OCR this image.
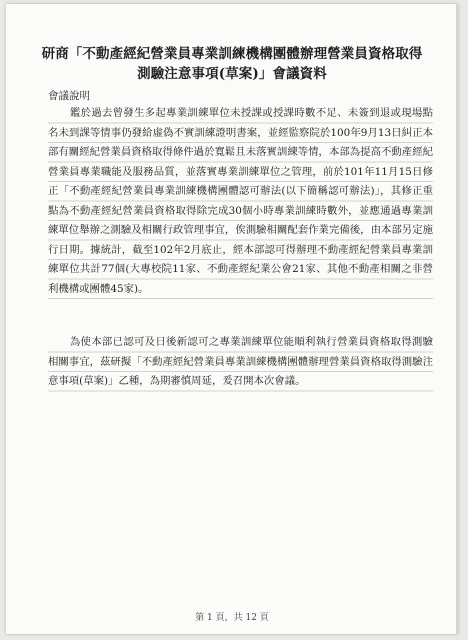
研商「不動產經紀營業員專業訓練機構團體辦理營業員資格取得
測驗注意事項(草案)」會議資料
會議說明

鑑於過去曾發生多起專業訓練單位未授課或授課時數不足、未簽到退或現場點名未到課等情事仍發給虛偽不實訓練證明書案，並經監察院於100年9月13日糾正本部有關經紀營業員資格取得條件過於寬鬆且未落實訓練等情，本部為提高不動產經紀營業員專業職能及服務品質，並落實專業訓練單位之管理，前於101年11月15日修正「不動產經紀營業員專業訓練機構團體認可辦法(以下簡稱認可辦法)」，其修正重點為不動產經紀營業員資格取得除完成30個小時專業訓練時數外，並應通過專業訓練單位舉辦之測驗及相關行政管理事宜，俟測驗相關配套作業完備後，由本部另定施行日期。據統計，截至102年2月底止，經本部認可得辦理不動產經紀營業員專業訓練單位共計77個(大專校院11家、不動產經紀業公會21家、其他不動產相關之非營利機構或團體45家)。

為使本部已認可及日後新認可之專業訓練單位能順利執行營業員資格取得測驗相關事宜，茲研擬「不動產經紀營業員專業訓練機構團體辦理營業員資格取得測驗注意事項(草案)」乙種，為期審慎周延，爰召開本次會議。

第 1 頁，共 12 頁
